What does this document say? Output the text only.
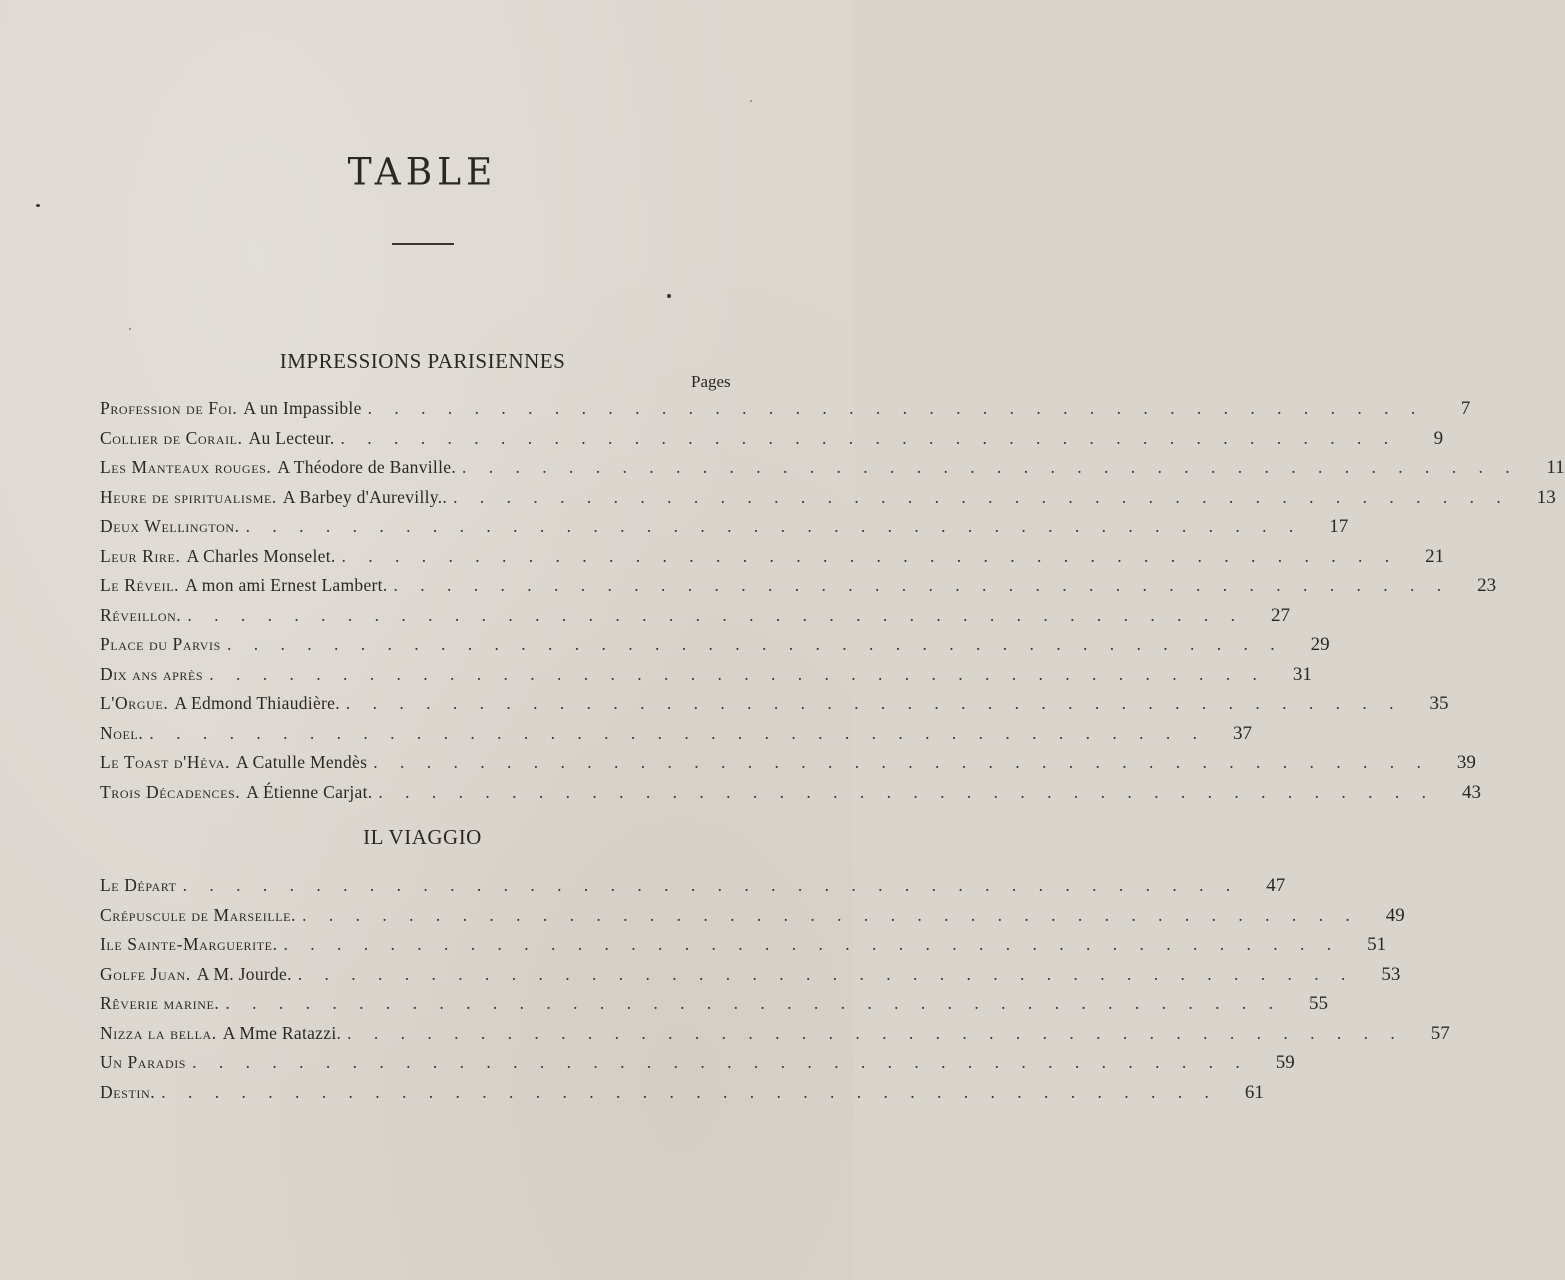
TABLE
IMPRESSIONS PARISIENNES
Pages
Profession de Foi. A un Impassible . . . . . . . . . . . . . . . . . . . . . . . . . . . . . . . . . . . . . . . .	7
Collier de Corail. Au Lecteur. . . . . . . . . . . . . . . . . . . . . . . . . . . . . . . . . . . . . . . . .	9
Les Manteaux rouges. A Théodore de Banville. . . . . . . . . . . . . . . . . . . . . . . . . . . . . . . . . . . . . . . . .	11
Heure de spiritualisme. A Barbey d'Aurevilly.. . . . . . . . . . . . . . . . . . . . . . . . . . . . . . . . . . . . . . . . .	13
Deux Wellington. . . . . . . . . . . . . . . . . . . . . . . . . . . . . . . . . . . . . . . . .	17
Leur Rire. A Charles Monselet. . . . . . . . . . . . . . . . . . . . . . . . . . . . . . . . . . . . . . . . .	21
Le Réveil. A mon ami Ernest Lambert. . . . . . . . . . . . . . . . . . . . . . . . . . . . . . . . . . . . . . . . .	23
Réveillon. . . . . . . . . . . . . . . . . . . . . . . . . . . . . . . . . . . . . . . . .	27
Place du Parvis . . . . . . . . . . . . . . . . . . . . . . . . . . . . . . . . . . . . . . . .	29
Dix ans après . . . . . . . . . . . . . . . . . . . . . . . . . . . . . . . . . . . . . . . .	31
L'Orgue. A Edmond Thiaudière. . . . . . . . . . . . . . . . . . . . . . . . . . . . . . . . . . . . . . . . .	35
Noel. . . . . . . . . . . . . . . . . . . . . . . . . . . . . . . . . . . . . . . . .	37
Le Toast d'Héva. A Catulle Mendès . . . . . . . . . . . . . . . . . . . . . . . . . . . . . . . . . . . . . . . .	39
Trois Décadences. A Étienne Carjat. . . . . . . . . . . . . . . . . . . . . . . . . . . . . . . . . . . . . . . . .	43
IL VIAGGIO
Le Départ . . . . . . . . . . . . . . . . . . . . . . . . . . . . . . . . . . . . . . . .	47
Crépuscule de Marseille. . . . . . . . . . . . . . . . . . . . . . . . . . . . . . . . . . . . . . . . .	49
Ile Sainte-Marguerite. . . . . . . . . . . . . . . . . . . . . . . . . . . . . . . . . . . . . . . . .	51
Golfe Juan. A M. Jourde. . . . . . . . . . . . . . . . . . . . . . . . . . . . . . . . . . . . . . . . .	53
Rêverie marine. . . . . . . . . . . . . . . . . . . . . . . . . . . . . . . . . . . . . . . . .	55
Nizza la bella. A Mme Ratazzi. . . . . . . . . . . . . . . . . . . . . . . . . . . . . . . . . . . . . . . . .	57
Un Paradis . . . . . . . . . . . . . . . . . . . . . . . . . . . . . . . . . . . . . . . .	59
Destin. . . . . . . . . . . . . . . . . . . . . . . . . . . . . . . . . . . . . . . . .	61
